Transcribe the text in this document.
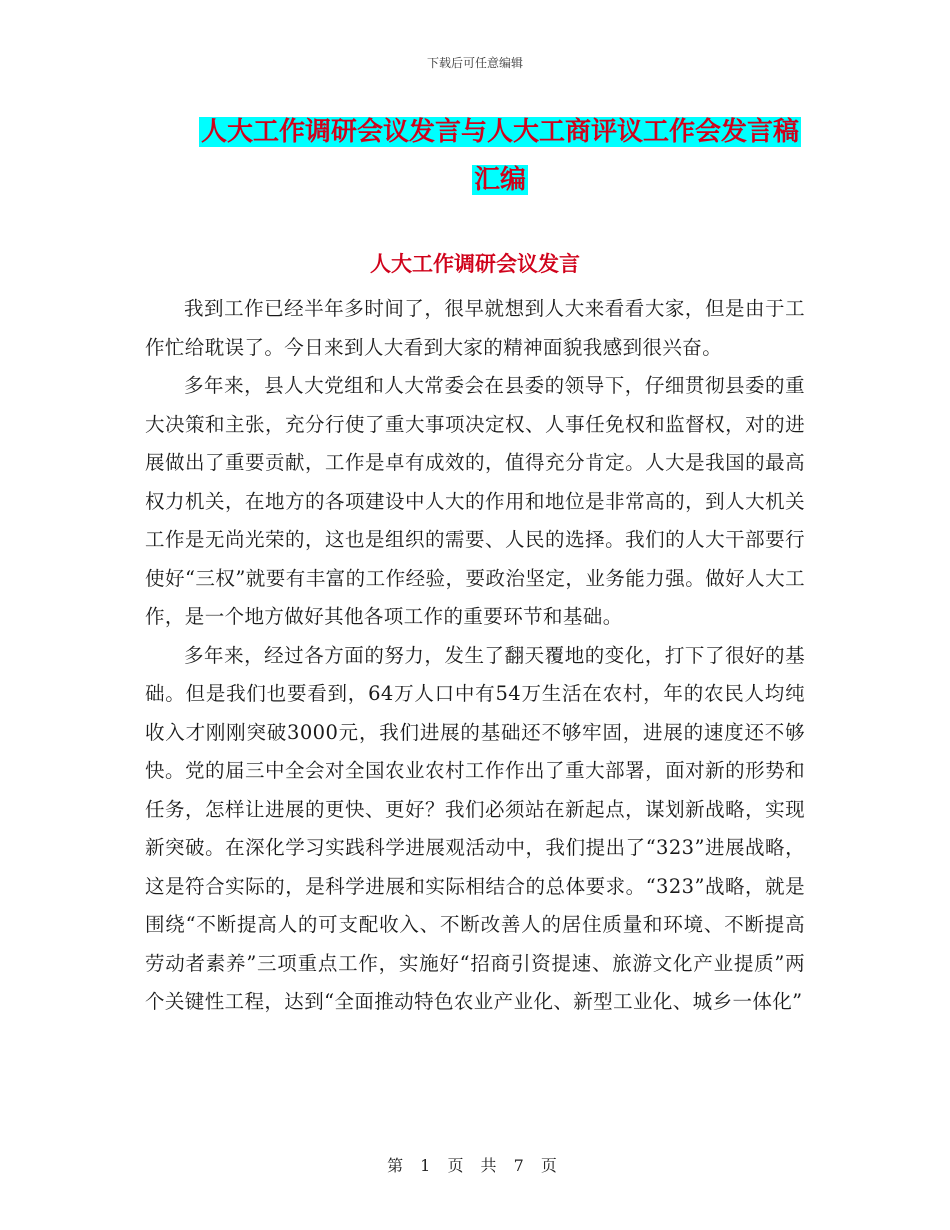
下载后可任意编辑
人大工作调研会议发言与人大工商评议工作会发言稿
汇编
人大工作调研会议发言

我到工作已经半年多时间了，很早就想到人大来看看大家，但是由于工作忙给耽误了。今日来到人大看到大家的精神面貌我感到很兴奋。

多年来，县人大党组和人大常委会在县委的领导下，仔细贯彻县委的重大决策和主张，充分行使了重大事项决定权、人事任免权和监督权，对的进展做出了重要贡献，工作是卓有成效的，值得充分肯定。人大是我国的最高权力机关，在地方的各项建设中人大的作用和地位是非常高的，到人大机关工作是无尚光荣的，这也是组织的需要、人民的选择。我们的人大干部要行使好“三权”就要有丰富的工作经验，要政治坚定，业务能力强。做好人大工作，是一个地方做好其他各项工作的重要环节和基础。

多年来，经过各方面的努力，发生了翻天覆地的变化，打下了很好的基础。但是我们也要看到，64万人口中有54万生活在农村，年的农民人均纯收入才刚刚突破3000元，我们进展的基础还不够牢固，进展的速度还不够快。党的届三中全会对全国农业农村工作作出了重大部署，面对新的形势和任务，怎样让进展的更快、更好？我们必须站在新起点，谋划新战略，实现新突破。在深化学习实践科学进展观活动中，我们提出了“323”进展战略，这是符合实际的，是科学进展和实际相结合的总体要求。“323”战略，就是围绕“不断提高人的可支配收入、不断改善人的居住质量和环境、不断提高劳动者素养”三项重点工作，实施好“招商引资提速、旅游文化产业提质”两个关键性工程，达到“全面推动特色农业产业化、新型工业化、城乡一体化”

第 1 页 共 7 页
